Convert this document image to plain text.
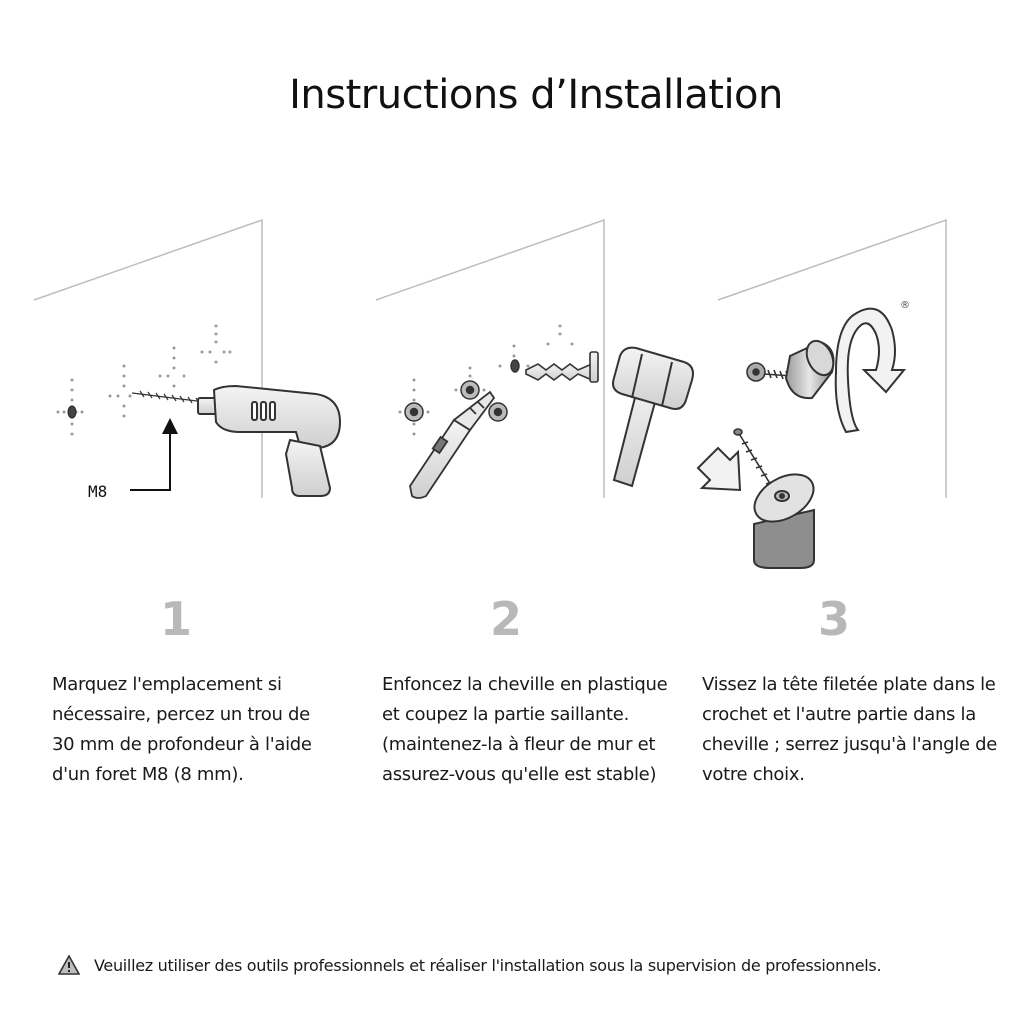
Instructions d’Installation
M8
®
1	2	3
Marquez l'emplacement si nécessaire, percez un trou de 30 mm de profondeur à l'aide d'un foret M8 (8 mm).
Enfoncez la cheville en plastique et coupez la partie saillante. (maintenez-la à fleur de mur et assurez-vous qu'elle est stable)
Vissez la tête filetée plate dans le crochet et l'autre partie dans la cheville ; serrez jusqu'à l'angle de votre choix.
Veuillez utiliser des outils professionnels et réaliser l'installation sous la supervision de professionnels.
